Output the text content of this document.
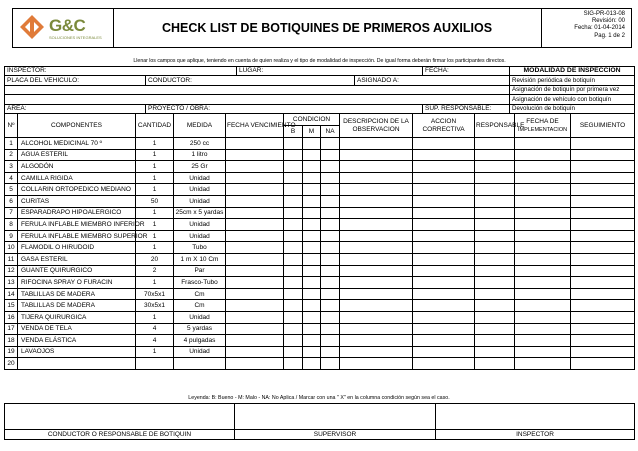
G&C
SOLUCIONES INTEGRALES
CHECK LIST DE BOTIQUINES DE PRIMEROS AUXILIOS
SIG-PR-013-08
Revisión: 00
Fecha: 01-04-2014
Pag. 1 de 2
Llenar los campos que aplique, teniendo en cuenta de quien realiza y el tipo de modalidad de inspección. De igual forma deberán firmar los participantes directos.					
INSPECTOR:		LUGAR:		FECHA:	MODALIDAD DE INSPECCION
PLACA DEL VEHICULO:	CONDUCTOR:		ASIGNADO A:		Revisión periódica de botiquín
					Asignación de botiquín por primera vez
					Asignación de vehículo con botiquín
AREA:	PROYECTO / OBRA:			SUP. RESPONSABLE:	Devolución de botiquín
Nº	COMPONENTES	CANTIDAD	MEDIDA	FECHA VENCIMIENTO	CONDICION			DESCRIPCION DE LA OBSERVACION	ACCION CORRECTIVA	RESPONSABLE	FECHA DE
IMPLEMENTACION	SEGUIMIENTO
					B	M	NA					
1	ALCOHOL MEDICINAL 70 º	1	250 cc									
2	AGUA ESTERIL	1	1 litro									
3	ALGODÓN	1	25 Gr									
4	CAMILLA RIGIDA	1	Unidad									
5	COLLARIN ORTOPEDICO MEDIANO	1	Unidad									
6	CURITAS	50	Unidad									
7	ESPARADRAPO HIPOALERGICO	1	25cm x 5 yardas									
8	FERULA INFLABLE MIEMBRO INFERIOR	1	Unidad									
9	FERULA INFLABLE MIEMBRO SUPERIOR	1	Unidad									
10	FLAMODIL O HIRUDOID	1	Tubo									
11	GASA ESTERIL	20	1 m X 10 Cm									
12	GUANTE QUIRURGICO	2	Par									
13	RIFOCINA SPRAY O FURACIN	1	Frasco-Tubo									
14	TABLILLAS DE MADERA	70x5x1	Cm									
15	TABLILLAS DE MADERA	30x5x1	Cm									
16	TIJERA QUIRURGICA	1	Unidad									
17	VENDA DE TELA	4	5 yardas									
18	VENDA ELÁSTICA	4	4 pulgadas									
19	LAVAOJOS	1	Unidad									
20												
Leyenda: B: Bueno - M: Malo - NA: No Aplica / Marcar con una " X" en la columna condición según sea el caso.

CONDUCTOR O RESPONSABLE DE BOTIQUIN	SUPERVISOR	INSPECTOR
